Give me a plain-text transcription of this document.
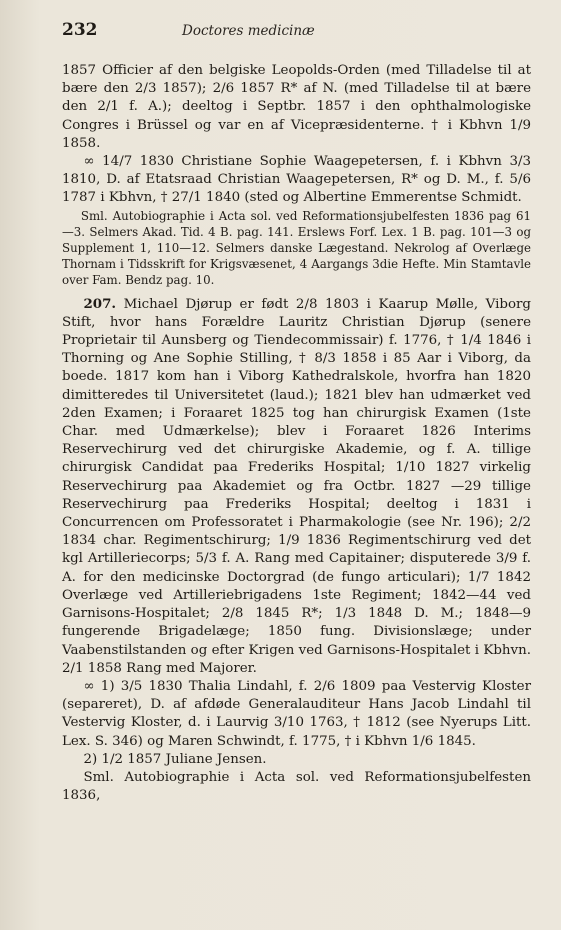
232	Doctores medicinæ

1857 Officier af den belgiske Leopolds-Orden (med Tilladelse til at bære den 2/3 1857); 2/6 1857 R* af N. (med Tilladelse til at bære den 2/1 f. A.); deeltog i Septbr. 1857 i den ophthalmologiske Congres i Brüssel og var en af Vicepræsidenterne. † i Kbhvn 1/9 1858.

∞ 14/7 1830 Christiane Sophie Waagepetersen, f. i Kbhvn 3/3 1810, D. af Etatsraad Christian Waagepetersen, R* og D. M., f. 5/6 1787 i Kbhvn, † 27/1 1840 (sted og Albertine Emmerentse Schmidt.

Sml. Autobiographie i Acta sol. ved Reformationsjubelfesten 1836 pag 61—3. Selmers Akad. Tid. 4 B. pag. 141. Erslews Forf. Lex. 1 B. pag. 101—3 og Supplement 1, 110—12. Selmers danske Lægestand. Nekrolog af Overlæge Thornam i Tidsskrift for Krigsvæsenet, 4 Aargangs 3die Hefte. Min Stamtavle over Fam. Bendz pag. 10.

207. Michael Djørup er født 2/8 1803 i Kaarup Mølle, Viborg Stift, hvor hans Forældre Lauritz Christian Djørup (senere Proprietair til Aunsberg og Tiendecommissair) f. 1776, † 1/4 1846 i Thorning og Ane Sophie Stilling, † 8/3 1858 i 85 Aar i Viborg, da boede. 1817 kom han i Viborg Kathedralskole, hvorfra han 1820 dimitteredes til Universitetet (laud.); 1821 blev han udmærket ved 2den Examen; i Foraaret 1825 tog han chirurgisk Examen (1ste Char. med Udmærkelse); blev i Foraaret 1826 Interims Reservechirurg ved det chirurgiske Akademie, og f. A. tillige chirurgisk Candidat paa Frederiks Hospital; 1/10 1827 virkelig Reservechirurg paa Akademiet og fra Octbr. 1827 —29 tillige Reservechirurg paa Frederiks Hospital; deeltog i 1831 i Concurrencen om Professoratet i Pharmakologie (see Nr. 196); 2/2 1834 char. Regimentschirurg; 1/9 1836 Regimentschirurg ved det kgl Artilleriecorps; 5/3 f. A. Rang med Capitainer; disputerede 3/9 f. A. for den medicinske Doctorgrad (de fungo articulari); 1/7 1842 Overlæge ved Artilleriebrigadens 1ste Regiment; 1842—44 ved Garnisons-Hospitalet; 2/8 1845 R*; 1/3 1848 D. M.; 1848—9 fungerende Brigadelæge; 1850 fung. Divisionslæge; under Vaabenstilstanden og efter Krigen ved Garnisons-Hospitalet i Kbhvn. 2/1 1858 Rang med Majorer.

∞ 1) 3/5 1830 Thalia Lindahl, f. 2/6 1809 paa Vestervig Kloster (separeret), D. af afdøde Generalauditeur Hans Jacob Lindahl til Vestervig Kloster, d. i Laurvig 3/10 1763, † 1812 (see Nyerups Litt. Lex. S. 346) og Maren Schwindt, f. 1775, † i Kbhvn 1/6 1845.

2) 1/2 1857 Juliane Jensen.

Sml. Autobiographie i Acta sol. ved Reformationsjubelfesten 1836,
